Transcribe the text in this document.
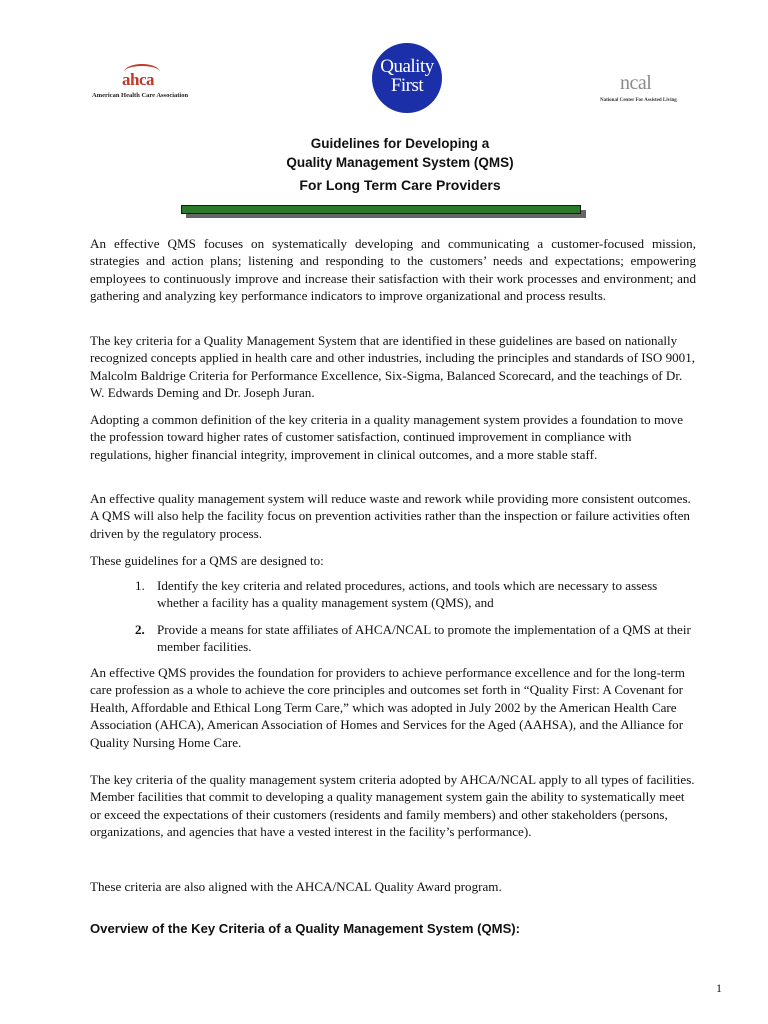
ahca
American Health Care Association
Quality
First	ncal
National Center For Assisted Living
Guidelines for Developing a
Quality Management System (QMS)
For Long Term Care Providers
An effective QMS focuses on systematically developing and communicating a customer-focused mission, strategies and action plans; listening and responding to the customers’ needs and expectations; empowering employees to continuously improve and increase their satisfaction with their work processes and environment; and gathering and analyzing key performance indicators to improve organizational and process results.
The key criteria for a Quality Management System that are identified in these guidelines are based on nationally recognized concepts applied in health care and other industries, including the principles and standards of ISO 9001, Malcolm Baldrige Criteria for Performance Excellence, Six-Sigma, Balanced Scorecard, and the teachings of Dr. W. Edwards Deming and Dr. Joseph Juran.
Adopting a common definition of the key criteria in a quality management system provides a foundation to move the profession toward higher rates of customer satisfaction, continued improvement in compliance with regulations, higher financial integrity, improvement in clinical outcomes, and a more stable staff.
An effective quality management system will reduce waste and rework while providing more consistent outcomes. A QMS will also help the facility focus on prevention activities rather than the inspection or failure activities often driven by the regulatory process.
These guidelines for a QMS are designed to:
1. Identify the key criteria and related procedures, actions, and tools which are necessary to assess whether a facility has a quality management system (QMS), and
2. Provide a means for state affiliates of AHCA/NCAL to promote the implementation of a QMS at their member facilities.
An effective QMS provides the foundation for providers to achieve performance excellence and for the long-term care profession as a whole to achieve the core principles and outcomes set forth in “Quality First: A Covenant for Health, Affordable and Ethical Long Term Care,” which was adopted in July 2002 by the American Health Care Association (AHCA), American Association of Homes and Services for the Aged (AAHSA), and the Alliance for Quality Nursing Home Care.
The key criteria of the quality management system criteria adopted by AHCA/NCAL apply to all types of facilities. Member facilities that commit to developing a quality management system gain the ability to systematically meet or exceed the expectations of their customers (residents and family members) and other stakeholders (persons, organizations, and agencies that have a vested interest in the facility’s performance).
These criteria are also aligned with the AHCA/NCAL Quality Award program.
Overview of the Key Criteria of a Quality Management System (QMS):
1
